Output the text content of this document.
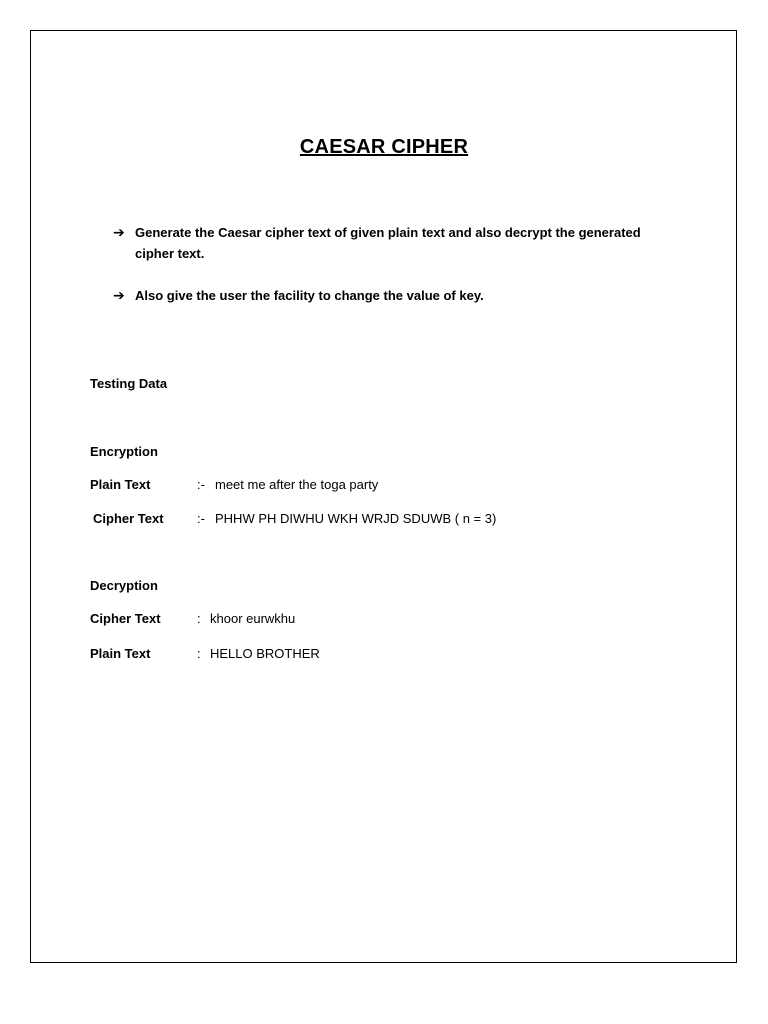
CAESAR CIPHER
➔ Generate the Caesar cipher text of given plain text and also decrypt the generated cipher text.
➔ Also give the user the facility to change the value of key.
Testing Data
Encryption
Plain Text	:- meet me after the toga party
Cipher Text	:- PHHW PH DIWHU WKH WRJD SDUWB ( n = 3)
Decryption
Cipher Text	: khoor eurwkhu
Plain Text	: HELLO BROTHER
